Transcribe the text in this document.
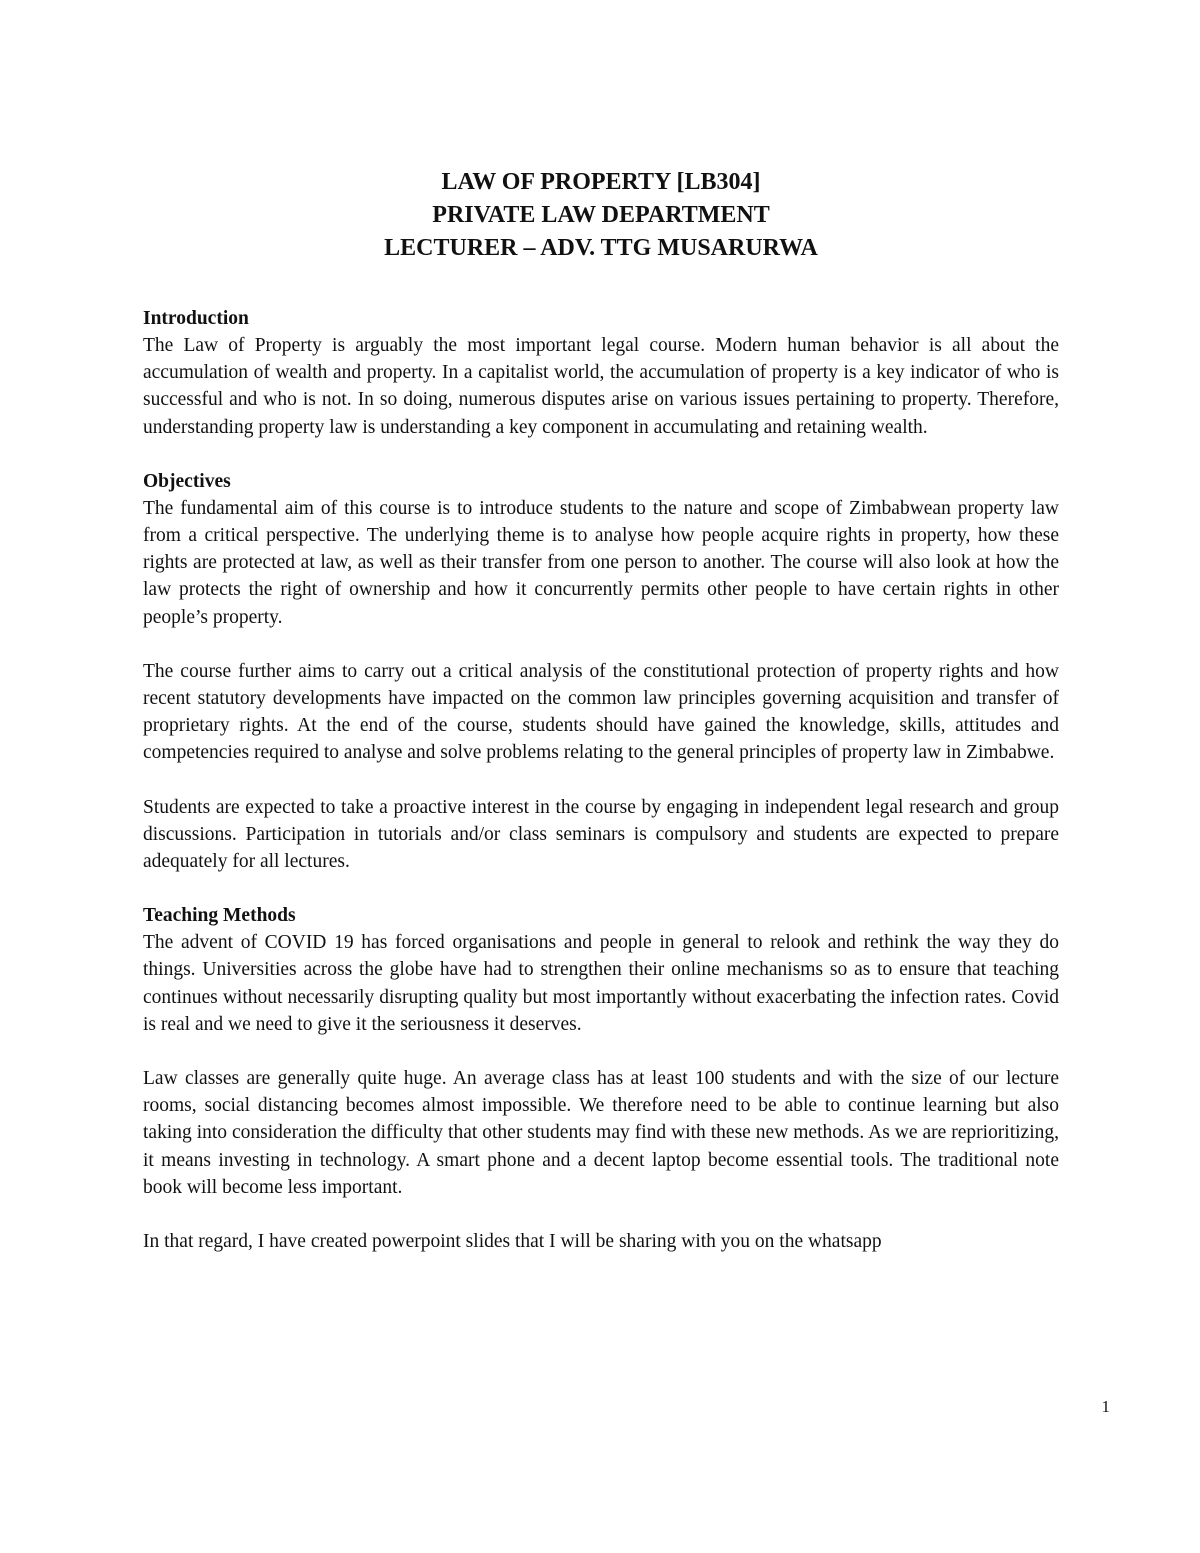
LAW OF PROPERTY [LB304]
PRIVATE LAW DEPARTMENT
LECTURER – ADV. TTG MUSARURWA
Introduction

The Law of Property is arguably the most important legal course. Modern human behavior is all about the accumulation of wealth and property. In a capitalist world, the accumulation of property is a key indicator of who is successful and who is not. In so doing, numerous disputes arise on various issues pertaining to property. Therefore, understanding property law is understanding a key component in accumulating and retaining wealth.

Objectives

The fundamental aim of this course is to introduce students to the nature and scope of Zimbabwean property law from a critical perspective. The underlying theme is to analyse how people acquire rights in property, how these rights are protected at law, as well as their transfer from one person to another. The course will also look at how the law protects the right of ownership and how it concurrently permits other people to have certain rights in other people’s property.

The course further aims to carry out a critical analysis of the constitutional protection of property rights and how recent statutory developments have impacted on the common law principles governing acquisition and transfer of proprietary rights. At the end of the course, students should have gained the knowledge, skills, attitudes and competencies required to analyse and solve problems relating to the general principles of property law in Zimbabwe.

Students are expected to take a proactive interest in the course by engaging in independent legal research and group discussions. Participation in tutorials and/or class seminars is compulsory and students are expected to prepare adequately for all lectures.

Teaching Methods

The advent of COVID 19 has forced organisations and people in general to relook and rethink the way they do things. Universities across the globe have had to strengthen their online mechanisms so as to ensure that teaching continues without necessarily disrupting quality but most importantly without exacerbating the infection rates. Covid is real and we need to give it the seriousness it deserves.

Law classes are generally quite huge. An average class has at least 100 students and with the size of our lecture rooms, social distancing becomes almost impossible. We therefore need to be able to continue learning but also taking into consideration the difficulty that other students may find with these new methods. As we are reprioritizing, it means investing in technology. A smart phone and a decent laptop become essential tools. The traditional note book will become less important.

In that regard, I have created powerpoint slides that I will be sharing with you on the whatsapp

1
